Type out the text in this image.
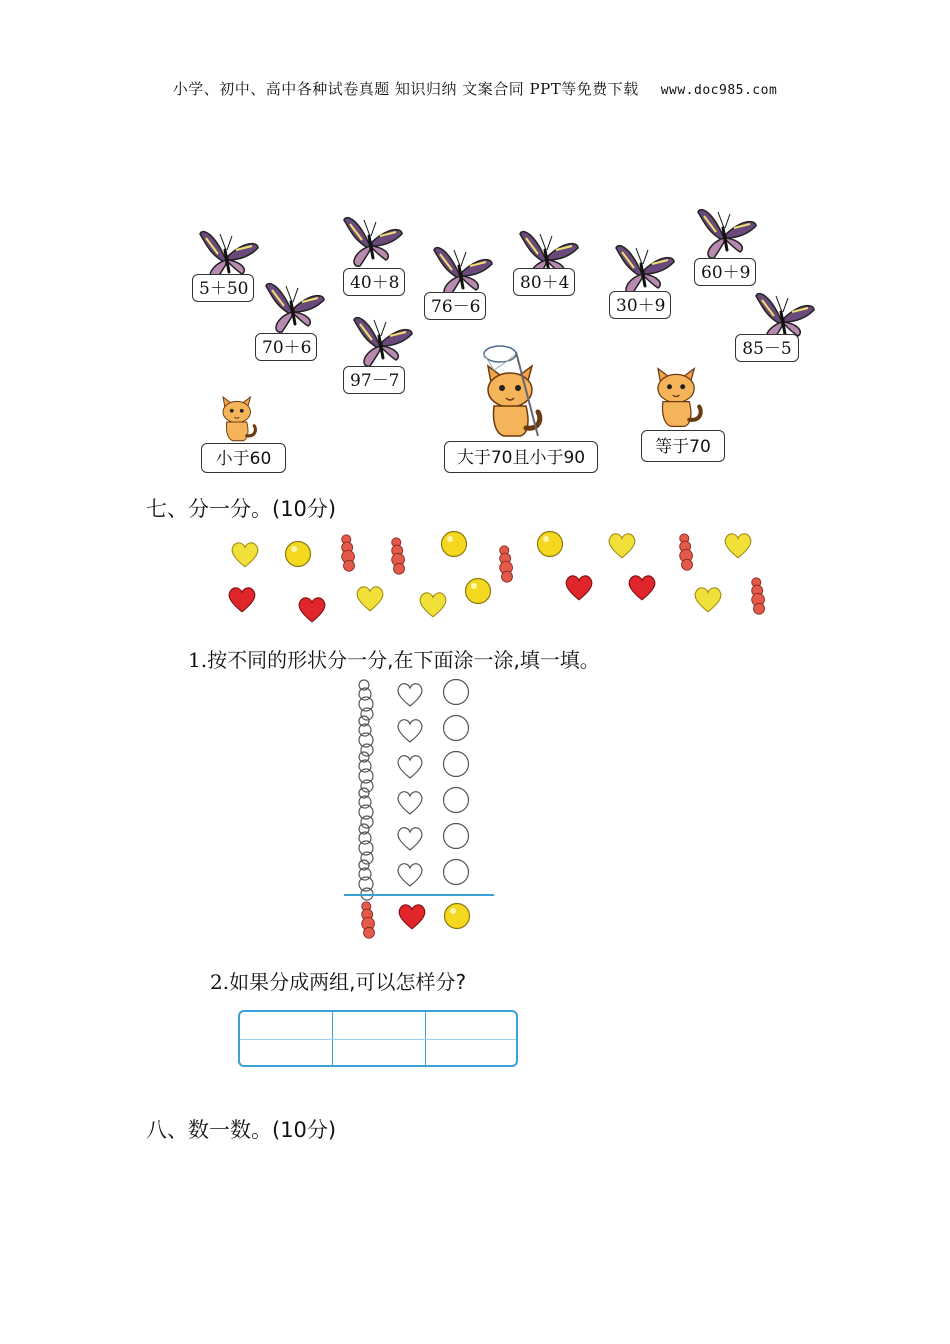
小学、初中、高中各种试卷真题 知识归纳 文案合同 PPT等免费下载 www.doc985.com
5＋50
70＋6
40＋8
97－7
76－6
80＋4
30＋9
60＋9
85－5
小于60	大于70且小于90
等于70
七、分一分。(10分)
1.按不同的形状分一分,在下面涂一涂,填一填。
2.如果分成两组,可以怎样分?
八、数一数。(10分)
